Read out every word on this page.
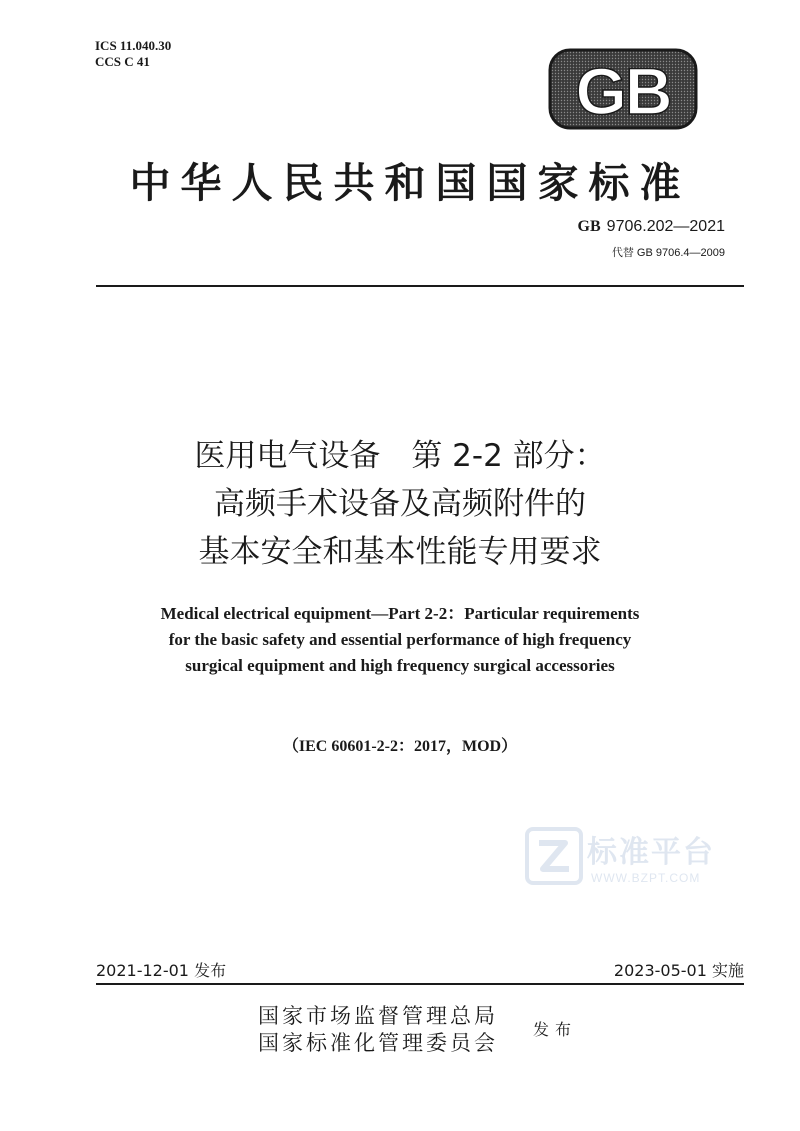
ICS 11.040.30
CCS C 41	GB
中华人民共和国国家标准
GB 9706.202—2021
代替 GB 9706.4—2009
医用电气设备　第 2-2 部分：
高频手术设备及高频附件的
基本安全和基本性能专用要求
Medical electrical equipment—Part 2-2：Particular requirements
for the basic safety and essential performance of high frequency
surgical equipment and high frequency surgical accessories
（IEC 60601-2-2：2017，MOD）
标准平台
WWW.BZPT.COM
2021-12-01 发布	2023-05-01 实施
国家市场监督管理总局
国家标准化管理委员会
发布
